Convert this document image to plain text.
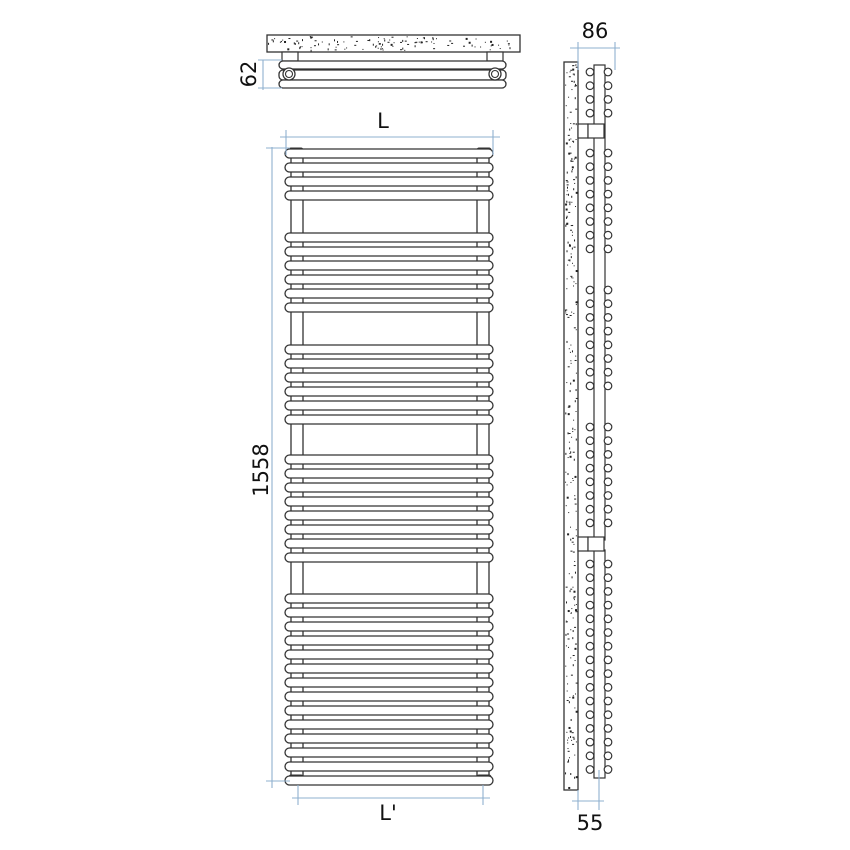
62
L
1558
L'
86
55
